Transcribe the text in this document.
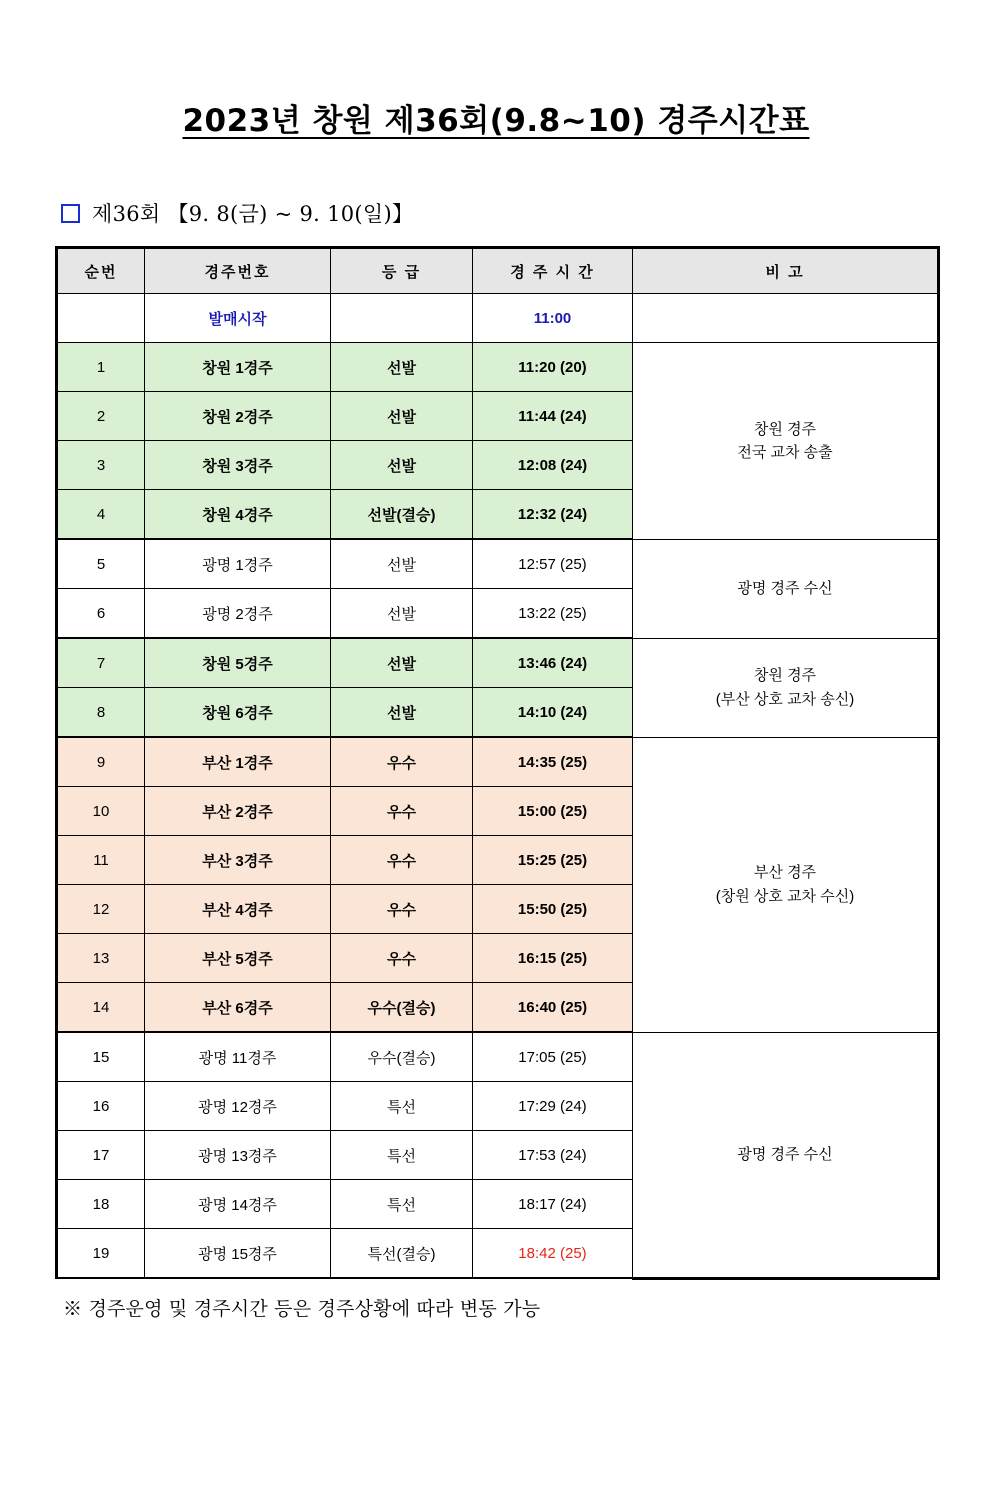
2023년 창원 제36회(9.8~10) 경주시간표
제36회 【9. 8(금) ~ 9. 10(일)】
순번	경주번호	등 급	경 주 시 간	비 고
	발매시작		11:00	
1	창원 1경주	선발	11:20 (20)	창원 경주
전국 교차 송출
2	창원 2경주	선발	11:44 (24)	
3	창원 3경주	선발	12:08 (24)	
4	창원 4경주	선발(결승)	12:32 (24)	
5	광명 1경주	선발	12:57 (25)	광명 경주 수신
6	광명 2경주	선발	13:22 (25)	
7	창원 5경주	선발	13:46 (24)	창원 경주
(부산 상호 교차 송신)
8	창원 6경주	선발	14:10 (24)	
9	부산 1경주	우수	14:35 (25)	부산 경주
(창원 상호 교차 수신)
10	부산 2경주	우수	15:00 (25)	
11	부산 3경주	우수	15:25 (25)	
12	부산 4경주	우수	15:50 (25)	
13	부산 5경주	우수	16:15 (25)	
14	부산 6경주	우수(결승)	16:40 (25)	
15	광명 11경주	우수(결승)	17:05 (25)	광명 경주 수신
16	광명 12경주	특선	17:29 (24)	
17	광명 13경주	특선	17:53 (24)	
18	광명 14경주	특선	18:17 (24)	
19	광명 15경주	특선(결승)	18:42 (25)	
※ 경주운영 및 경주시간 등은 경주상황에 따라 변동 가능
